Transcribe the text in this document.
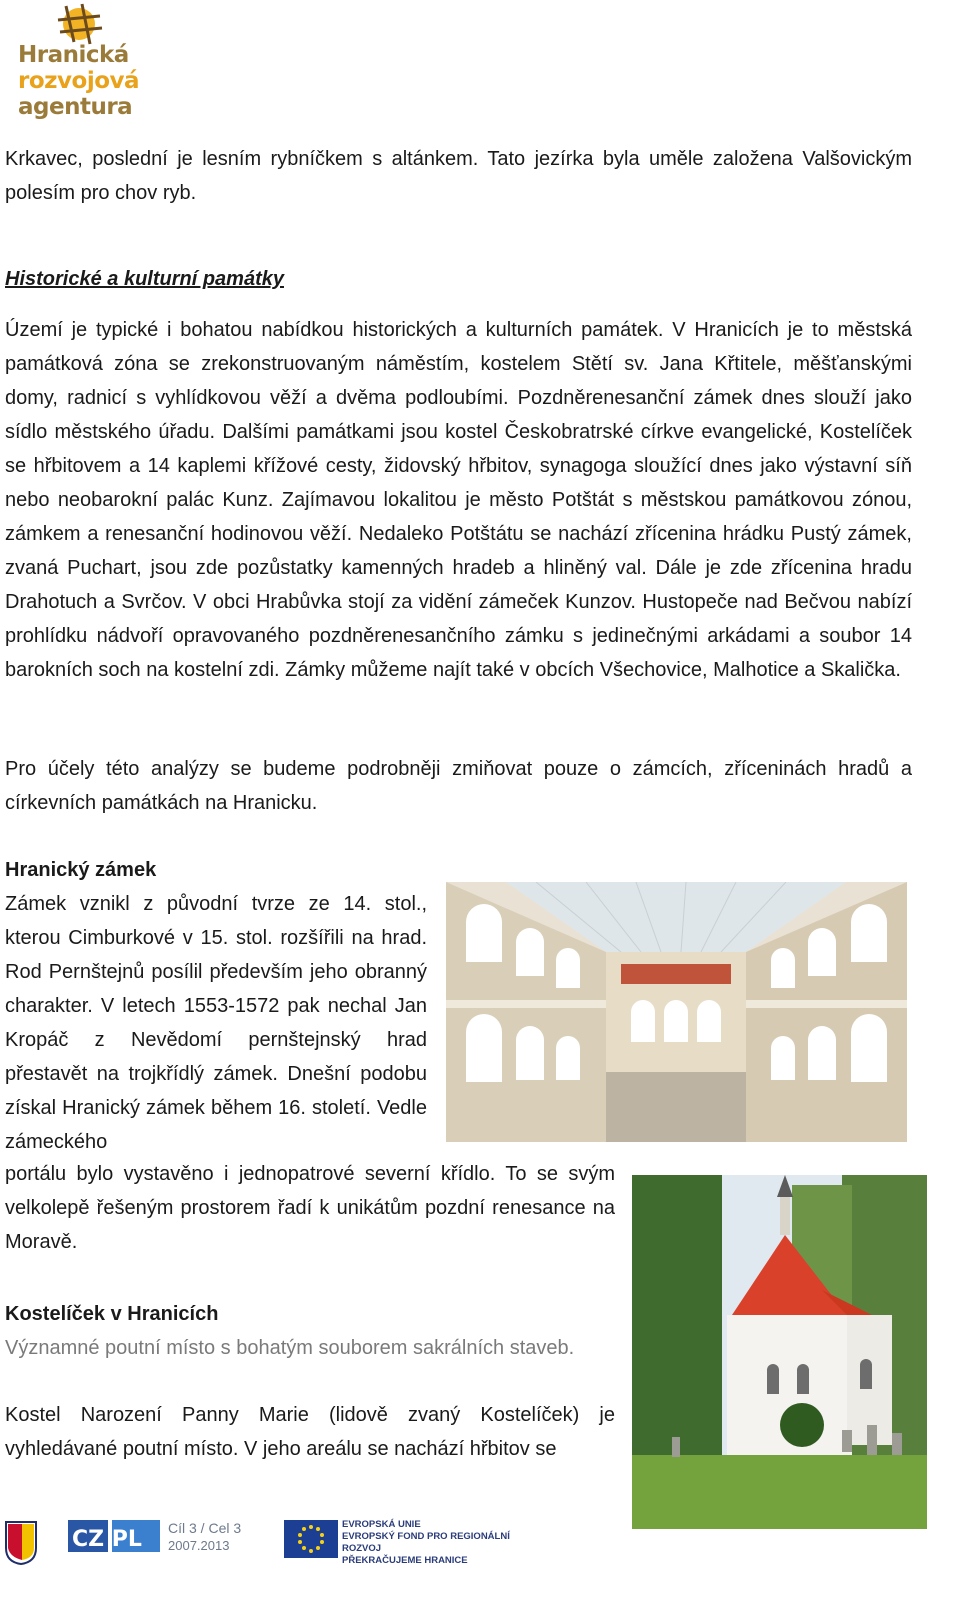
Hranická
rozvojová
agentura

Krkavec, poslední je lesním rybníčkem s altánkem. Tato jezírka byla uměle založena Valšovickým polesím pro chov ryb.

Historické a kulturní památky

Území je typické i bohatou nabídkou historických a kulturních památek. V Hranicích je to městská památková zóna se zrekonstruovaným náměstím, kostelem Stětí sv. Jana Křtitele, měšťanskými domy, radnicí s vyhlídkovou věží a dvěma podloubími. Pozdněrenesanční zámek dnes slouží jako sídlo městského úřadu. Dalšími památkami jsou kostel Českobratrské církve evangelické, Kostelíček se hřbitovem a 14 kaplemi křížové cesty, židovský hřbitov, synagoga sloužící dnes jako výstavní síň nebo neobarokní palác Kunz. Zajímavou lokalitou je město Potštát s městskou památkovou zónou, zámkem a renesanční hodinovou věží. Nedaleko Potštátu se nachází zřícenina hrádku Pustý zámek, zvaná Puchart, jsou zde pozůstatky kamenných hradeb a hliněný val. Dále je zde zřícenina hradu Drahotuch a Svrčov. V obci Hrabůvka stojí za vidění zámeček Kunzov. Hustopeče nad Bečvou nabízí prohlídku nádvoří opravovaného pozdněrenesančního zámku s jedinečnými arkádami a soubor 14 barokních soch na kostelní zdi. Zámky můžeme najít také v obcích Všechovice, Malhotice a Skalička.

Pro účely této analýzy se budeme podrobněji zmiňovat pouze o zámcích, zříceninách hradů a církevních památkách na Hranicku.

Hranický zámek

Zámek vznikl z původní tvrze ze 14. stol., kterou Cimburkové v 15. stol. rozšířili na hrad. Rod Pernštejnů posílil především jeho obranný charakter. V letech 1553-1572 pak nechal Jan Kropáč z Nevědomí pernštejnský hrad přestavět na trojkřídlý zámek. Dnešní podobu získal Hranický zámek během 16. století. Vedle zámeckého

portálu bylo vystavěno i jednopatrové severní křídlo. To se svým velkolepě řešeným prostorem řadí k unikátům pozdní renesance na Moravě.

Kostelíček v Hranicích

Významné poutní místo s bohatým souborem sakrálních staveb.

Kostel Narození Panny Marie (lidově zvaný Kostelíček) je vyhledávané poutní místo. V jeho areálu se nachází hřbitov se

CZ PL Cíl 3 / Cel 3
2007.2013
EVROPSKÁ UNIE
EVROPSKÝ FOND PRO REGIONÁLNÍ ROZVOJ
PŘEKRAČUJEME HRANICE
